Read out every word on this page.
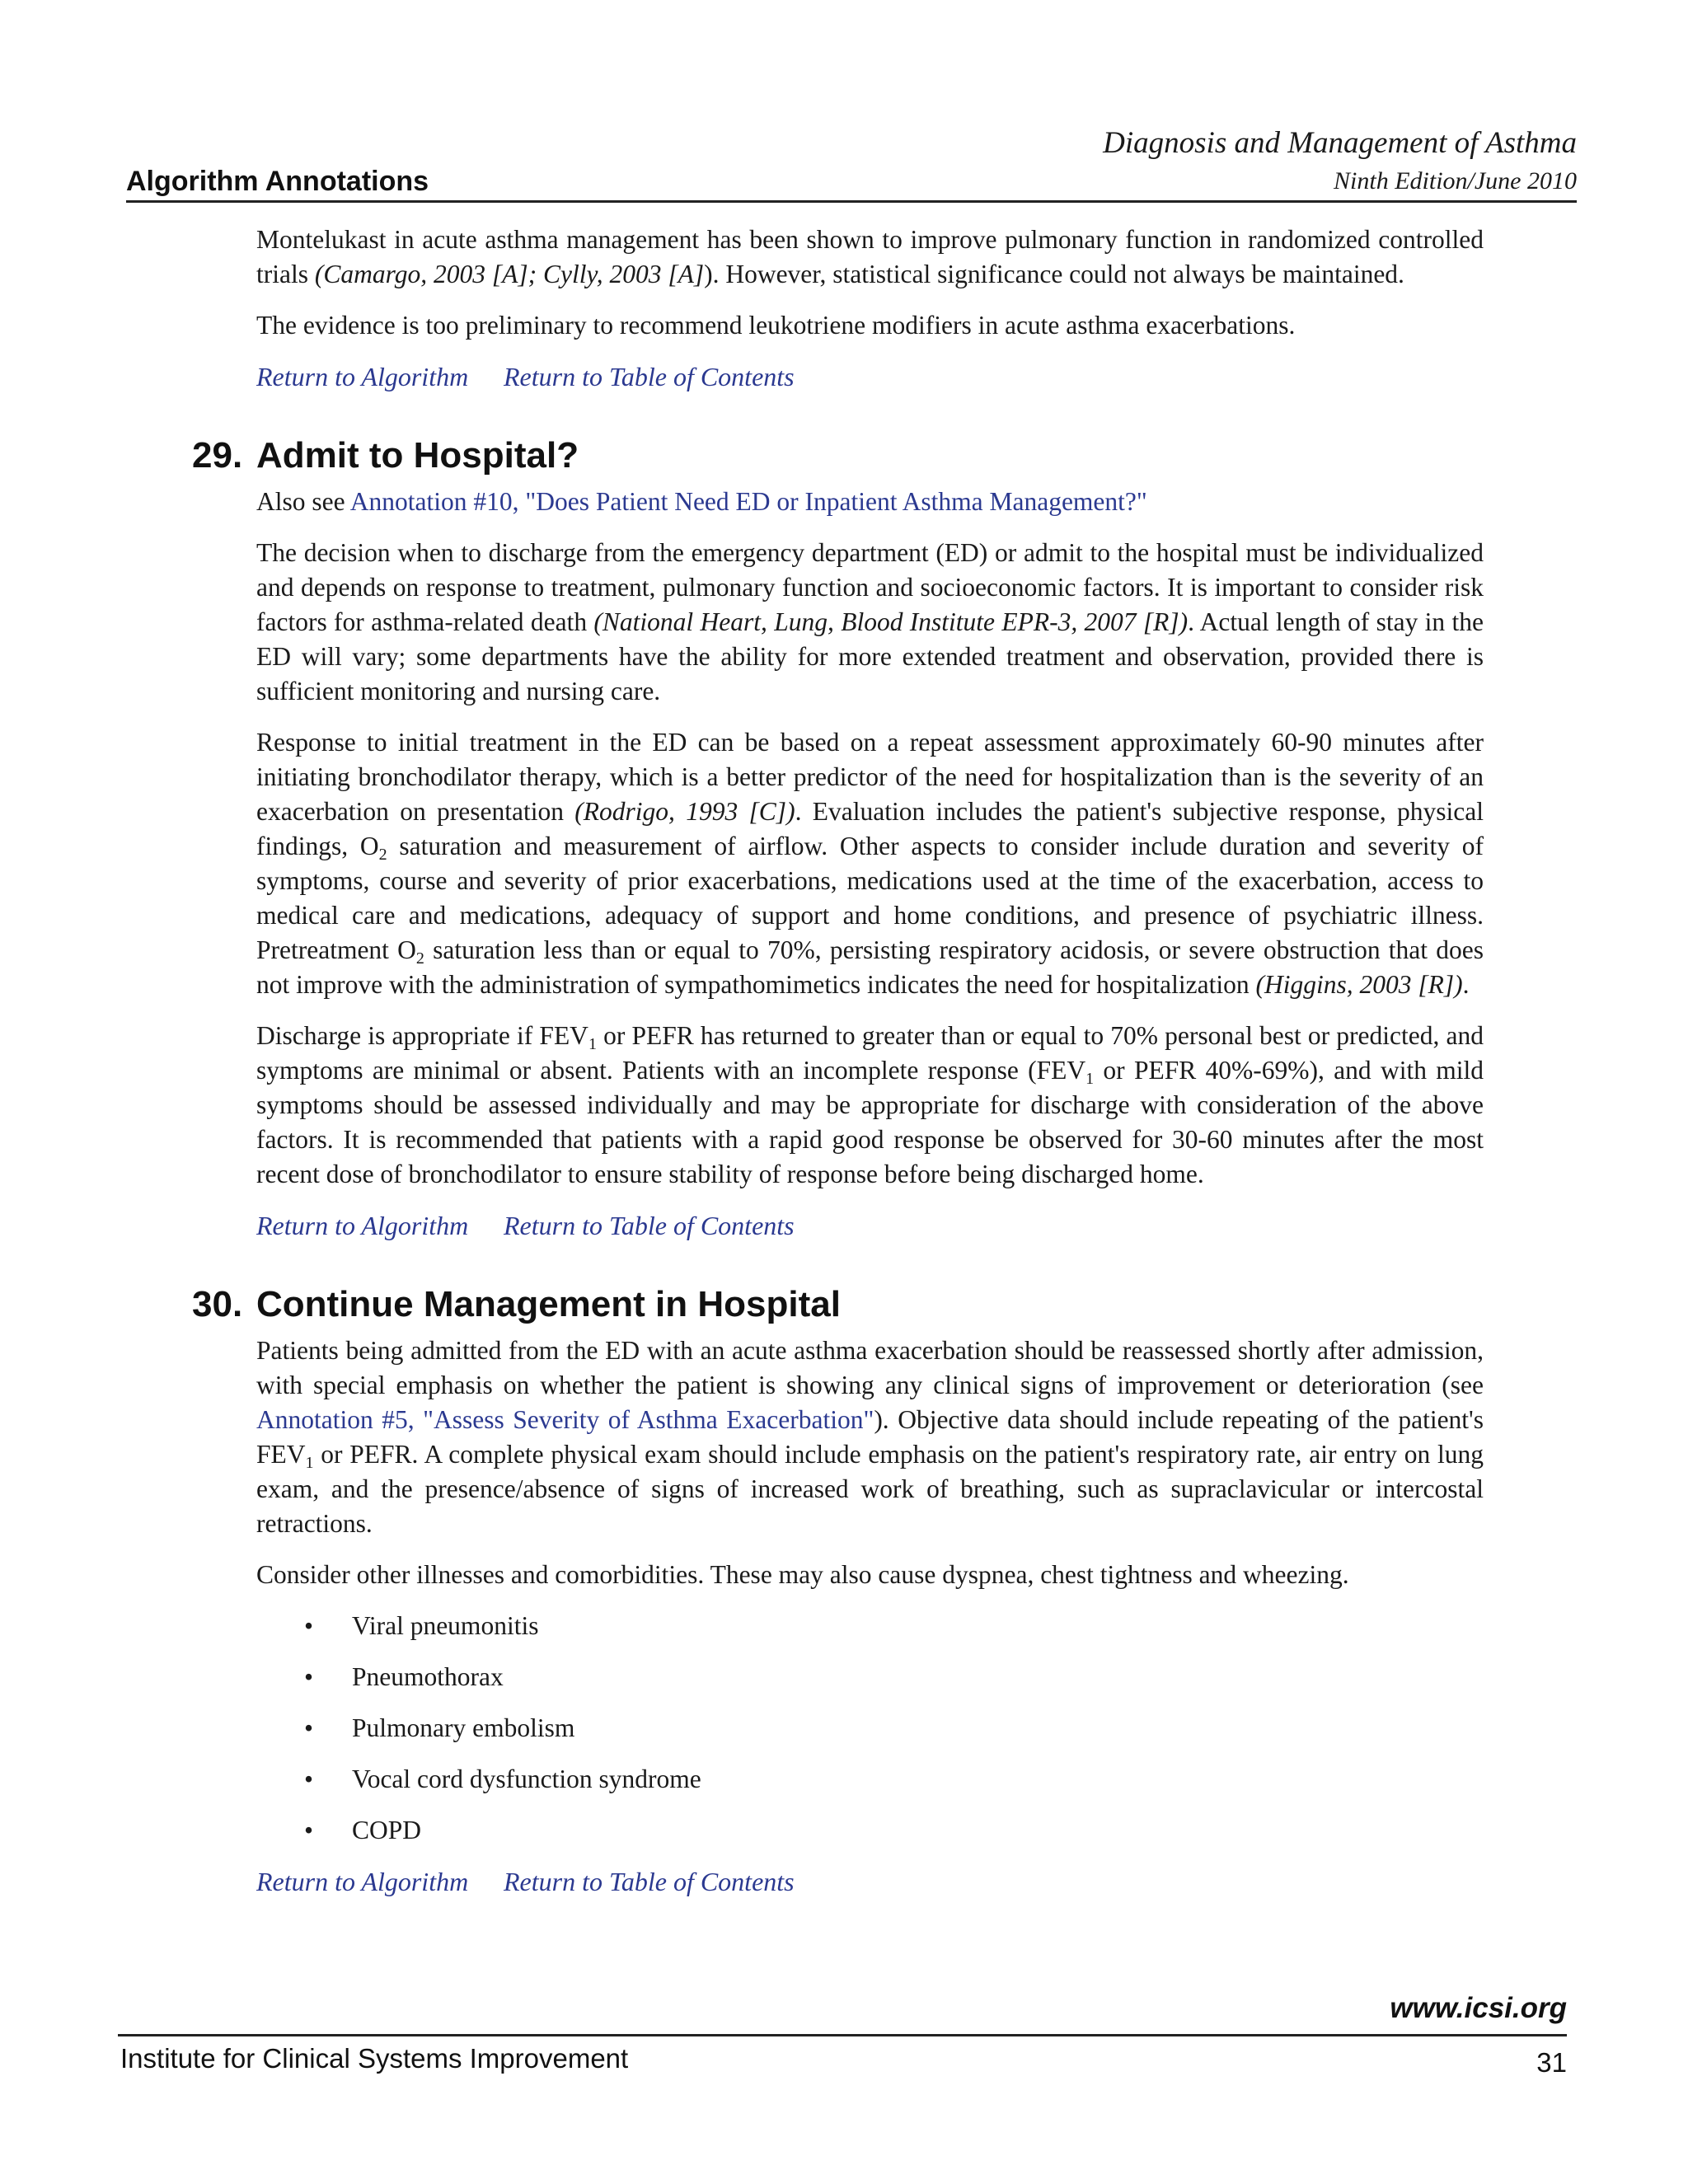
Diagnosis and Management of Asthma
Algorithm Annotations	Ninth Edition/June 2010

Montelukast in acute asthma management has been shown to improve pulmonary function in randomized controlled trials (Camargo, 2003 [A]; Cylly, 2003 [A]). However, statistical significance could not always be maintained.

The evidence is too preliminary to recommend leukotriene modifiers in acute asthma exacerbations.

Return to Algorithm Return to Table of Contents
29. Admit to Hospital?

Also see Annotation #10, "Does Patient Need ED or Inpatient Asthma Management?"

The decision when to discharge from the emergency department (ED) or admit to the hospital must be individualized and depends on response to treatment, pulmonary function and socioeconomic factors. It is important to consider risk factors for asthma-related death (National Heart, Lung, Blood Institute EPR-3, 2007 [R]). Actual length of stay in the ED will vary; some departments have the ability for more extended treatment and observation, provided there is sufficient monitoring and nursing care.

Response to initial treatment in the ED can be based on a repeat assessment approximately 60-90 minutes after initiating bronchodilator therapy, which is a better predictor of the need for hospitalization than is the severity of an exacerbation on presentation (Rodrigo, 1993 [C]). Evaluation includes the patient's subjective response, physical findings, $O_2$ saturation and measurement of airflow. Other aspects to consider include duration and severity of symptoms, course and severity of prior exacerbations, medications used at the time of the exacerbation, access to medical care and medications, adequacy of support and home conditions, and presence of psychiatric illness. Pretreatment $O_2$ saturation less than or equal to 70%, persisting respiratory acidosis, or severe obstruction that does not improve with the administration of sympathomimetics indicates the need for hospitalization (Higgins, 2003 [R]).

Discharge is appropriate if $FEV_1$ or PEFR has returned to greater than or equal to 70% personal best or predicted, and symptoms are minimal or absent. Patients with an incomplete response ($FEV_1$ or PEFR 40%-69%), and with mild symptoms should be assessed individually and may be appropriate for discharge with consideration of the above factors. It is recommended that patients with a rapid good response be observed for 30-60 minutes after the most recent dose of bronchodilator to ensure stability of response before being discharged home.

Return to Algorithm Return to Table of Contents
30. Continue Management in Hospital

Patients being admitted from the ED with an acute asthma exacerbation should be reassessed shortly after admission, with special emphasis on whether the patient is showing any clinical signs of improvement or deterioration (see Annotation #5, "Assess Severity of Asthma Exacerbation"). Objective data should include repeating of the patient's $FEV_1$ or PEFR. A complete physical exam should include emphasis on the patient's respiratory rate, air entry on lung exam, and the presence/absence of signs of increased work of breathing, such as supraclavicular or intercostal retractions.

Consider other illnesses and comorbidities. These may also cause dyspnea, chest tightness and wheezing.

• Viral pneumonitis
• Pneumothorax
• Pulmonary embolism
• Vocal cord dysfunction syndrome
• COPD
Return to Algorithm Return to Table of Contents
www.icsi.org
Institute for Clinical Systems Improvement	31
